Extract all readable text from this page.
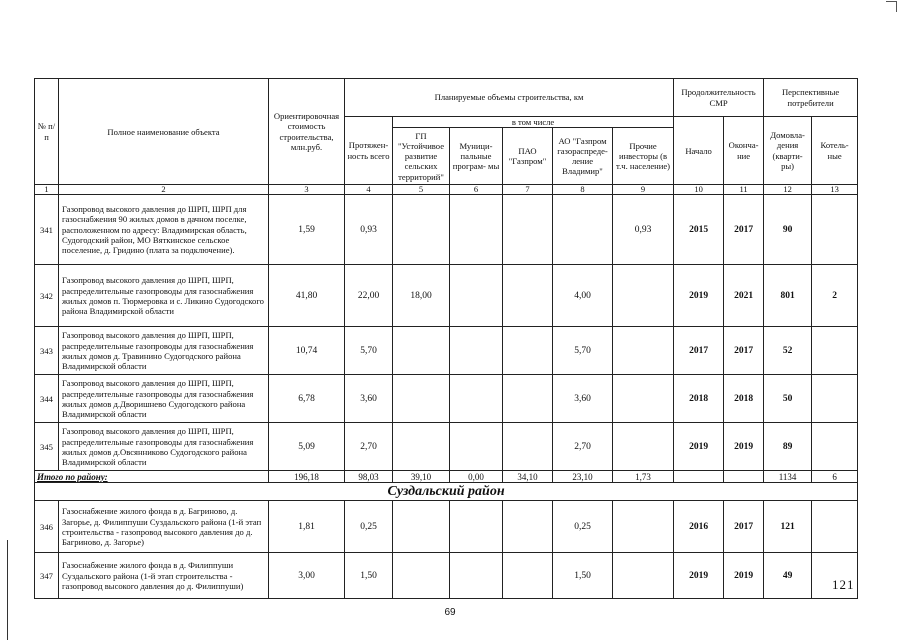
№ п/п	Полное наименование объекта	Ориентировочная стоимость строительства, млн.руб.	Планируемые объемы строительства, км						Продолжительность СМР		Перспективные потребители	
			Протяжен- ность всего	в том числе					Начало	Оконча- ние	Домовла- дения (кварти- ры)	Котель- ные
				ГП "Устойчивое развитие сельских территорий"	Муници- пальные програм- мы	ПАО "Газпром"	АО "Газпром газораспреде- ление Владимир"	Прочие инвесторы (в т.ч. население)				
1	2	3	4	5	6	7	8	9	10	11	12	13
341	Газопровод высокого давления до ШРП, ШРП для газоснабжения 90 жилых домов в дачном поселке, расположенном по адресу: Владимирская область, Судогодский район, МО Вяткинское сельское поселение, д. Гридино (плата за подключение).	1,59	0,93					0,93	2015	2017	90	
342	Газопровод высокого давления до ШРП, ШРП, распределительные газопроводы для газоснабжения жилых домов п. Тюрмеровка и с. Ликино Судогодского района Владимирской области	41,80	22,00	18,00			4,00		2019	2021	801	2
343	Газопровод высокого давления до ШРП, ШРП, распределительные газопроводы для газоснабжения жилых домов д. Травинино Судогодского района Владимирской области	10,74	5,70				5,70		2017	2017	52	
344	Газопровод высокого давления до ШРП, ШРП, распределительные газопроводы для газоснабжения жилых домов д.Дворишнево Судогодского района Владимирской области	6,78	3,60				3,60		2018	2018	50	
345	Газопровод высокого давления до ШРП, ШРП, распределительные газопроводы для газоснабжения жилых домов д.Овсянниково Судогодского района Владимирской области	5,09	2,70				2,70		2019	2019	89	
Итого по району:		196,18	98,03	39,10	0,00	34,10	23,10	1,73			1134	6
Суздальский район												
346	Газоснабжение жилого фонда в д. Багриново, д. Загорье, д. Филиппуши Суздальского района (1-й этап строительства - газопровод высокого давления до д. Багриново, д. Загорье)	1,81	0,25				0,25		2016	2017	121	
347	Газоснабжение жилого фонда в д. Филиппуши Суздальского района (1-й этап строительства - газопровод высокого давления до д. Филиппуши)	3,00	1,50				1,50		2019	2019	49	
121
69
